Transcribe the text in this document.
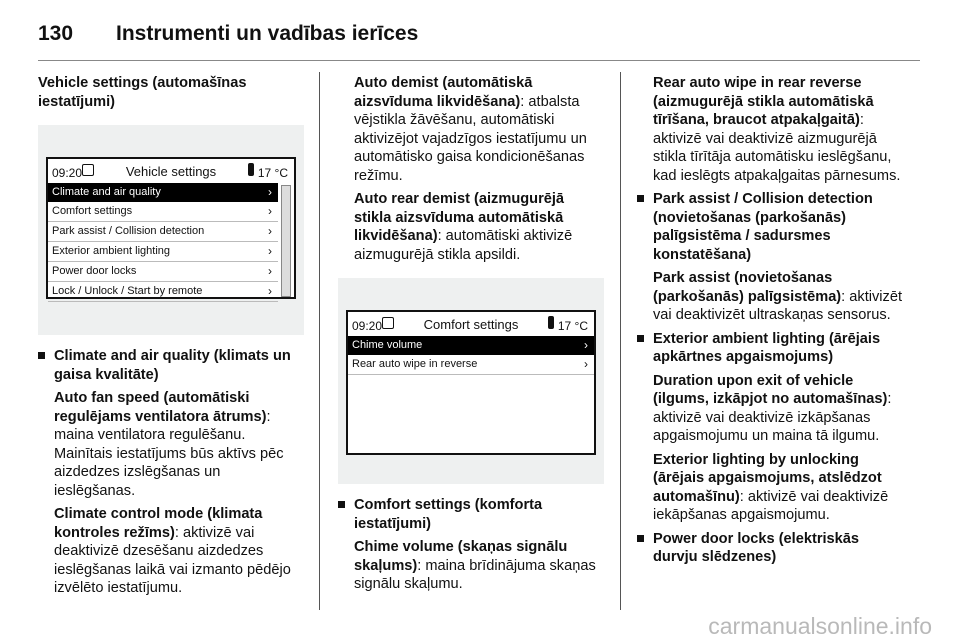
130 Instrumenti un vadības ierīces

Vehicle settings (automašīnas iestatījumi)

09:20	Vehicle settings	17 °C
Climate and air quality	›
Comfort settings	›
Park assist / Collision detection	›
Exterior ambient lighting	›
Power door locks	›
Lock / Unlock / Start by remote	›
Climate and air quality (klimats un gaisa kvalitāte)

Auto fan speed (automātiski regulējams ventilatora ātrums): maina ventilatora regulēšanu. Mainītais iestatījums būs aktīvs pēc aizdedzes izslēgšanas un ieslēgšanas.

Climate control mode (klimata kontroles režīms): aktivizē vai deaktivizē dzesēšanu aizdedzes ieslēgšanas laikā vai izmanto pēdējo izvēlēto iestatījumu.

Auto demist (automātiskā aizsvīduma likvidēšana): atbalsta vējstikla žāvēšanu, automātiski aktivizējot vajadzīgos iestatījumu un automātisko gaisa kondicionēšanas režīmu.

Auto rear demist (aizmugurējā stikla aizsvīduma automātiskā likvidēšana): automātiski aktivizē aizmugurējā stikla apsildi.

09:20	Comfort settings	17 °C
Chime volume	›
Rear auto wipe in reverse	›
Comfort settings (komforta iestatījumi)

Chime volume (skaņas signālu skaļums): maina brīdinājuma skaņas signālu skaļumu.

Rear auto wipe in rear reverse (aizmugurējā stikla automātiskā tīrīšana, braucot atpakaļgaitā): aktivizē vai deaktivizē aizmugurējā stikla tīrītāja automātisku ieslēgšanu, kad ieslēgts atpakaļgaitas pārnesums.

Park assist / Collision detection (novietošanas (parkošanās) palīgsistēma / sadursmes konstatēšana)

Park assist (novietošanas (parkošanās) palīgsistēma): aktivizēt vai deaktivizēt ultraskaņas sensorus.

Exterior ambient lighting (ārējais apkārtnes apgaismojums)

Duration upon exit of vehicle (ilgums, izkāpjot no automašīnas): aktivizē vai deaktivizē izkāpšanas apgaismojumu un maina tā ilgumu.

Exterior lighting by unlocking (ārējais apgaismojums, atslēdzot automašīnu): aktivizē vai deaktivizē iekāpšanas apgaismojumu.

Power door locks (elektriskās durvju slēdzenes)
carmanualsonline.info
